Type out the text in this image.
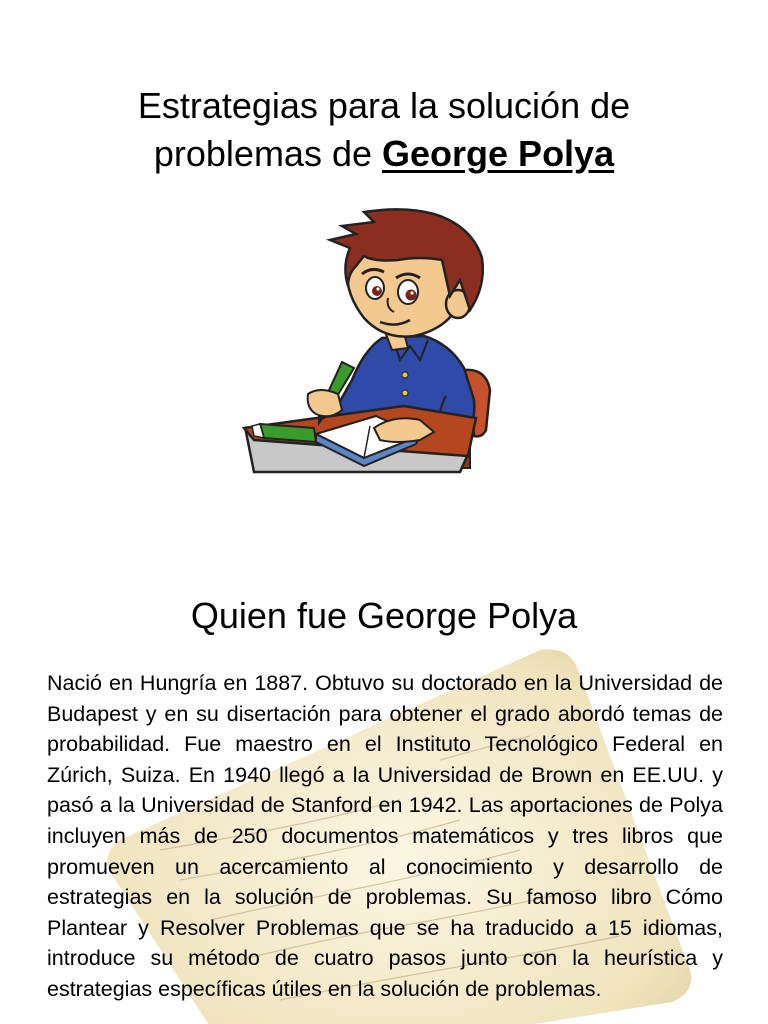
Estrategias para la solución de
problemas de George Polya
Quien fue George Polya
Nació en Hungría en 1887. Obtuvo su doctorado en la Universidad de Budapest y en su disertación para obtener el grado abordó temas de probabilidad. Fue maestro en el Instituto Tecnológico Federal en Zúrich, Suiza. En 1940 llegó a la Universidad de Brown en EE.UU. y pasó a la Universidad de Stanford en 1942. Las aportaciones de Polya incluyen más de 250 documentos matemáticos y tres libros que promueven un acercamiento al conocimiento y desarrollo de estrategias en la solución de problemas. Su famoso libro Cómo Plantear y Resolver Problemas que se ha traducido a 15 idiomas, introduce su método de cuatro pasos junto con la heurística y estrategias específicas útiles en la solución de problemas.
